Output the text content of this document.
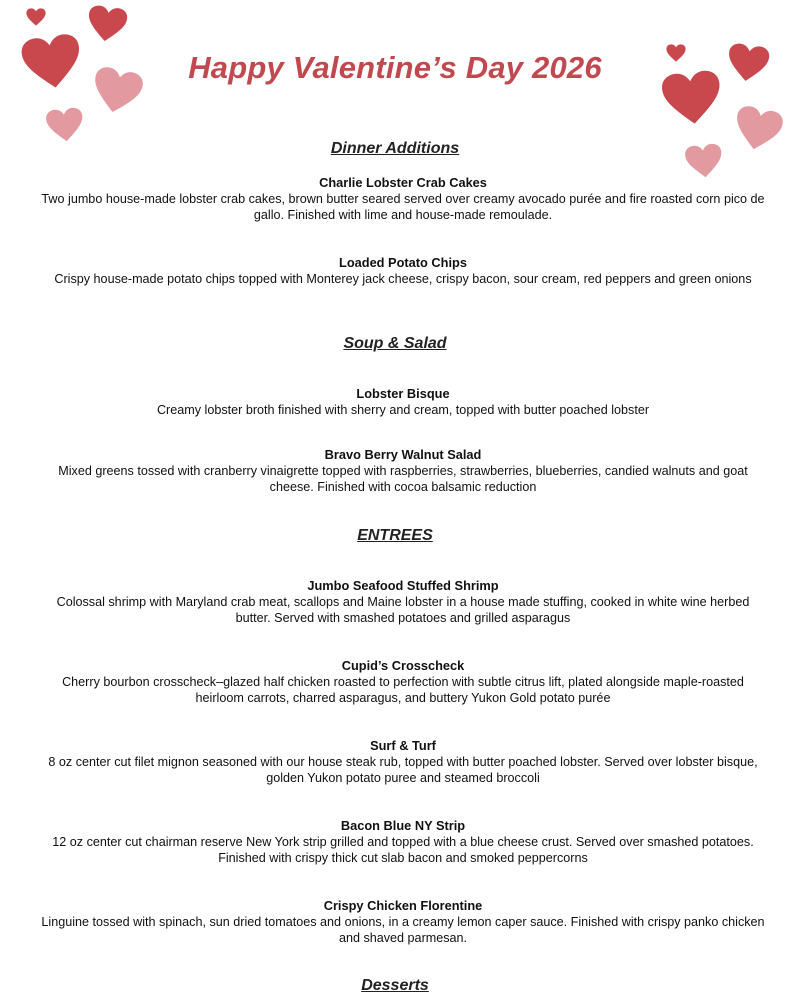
Happy Valentine’s Day 2026
Dinner Additions
Charlie Lobster Crab Cakes
Two jumbo house-made lobster crab cakes, brown butter seared served over creamy avocado purée and fire roasted corn pico de gallo. Finished with lime and house-made remoulade.
Loaded Potato Chips
Crispy house-made potato chips topped with Monterey jack cheese, crispy bacon, sour cream, red peppers and green onions
Soup & Salad
Lobster Bisque
Creamy lobster broth finished with sherry and cream, topped with butter poached lobster
Bravo Berry Walnut Salad
Mixed greens tossed with cranberry vinaigrette topped with raspberries, strawberries, blueberries, candied walnuts and goat cheese. Finished with cocoa balsamic reduction
ENTREES
Jumbo Seafood Stuffed Shrimp
Colossal shrimp with Maryland crab meat, scallops and Maine lobster in a house made stuffing, cooked in white wine herbed butter. Served with smashed potatoes and grilled asparagus
Cupid’s Crosscheck
Cherry bourbon crosscheck–glazed half chicken roasted to perfection with subtle citrus lift, plated alongside maple-roasted heirloom carrots, charred asparagus, and buttery Yukon Gold potato purée
Surf & Turf
8 oz center cut filet mignon seasoned with our house steak rub, topped with butter poached lobster. Served over lobster bisque, golden Yukon potato puree and steamed broccoli
Bacon Blue NY Strip
12 oz center cut chairman reserve New York strip grilled and topped with a blue cheese crust. Served over smashed potatoes. Finished with crispy thick cut slab bacon and smoked peppercorns
Crispy Chicken Florentine
Linguine tossed with spinach, sun dried tomatoes and onions, in a creamy lemon caper sauce. Finished with crispy panko chicken and shaved parmesan.
Desserts
